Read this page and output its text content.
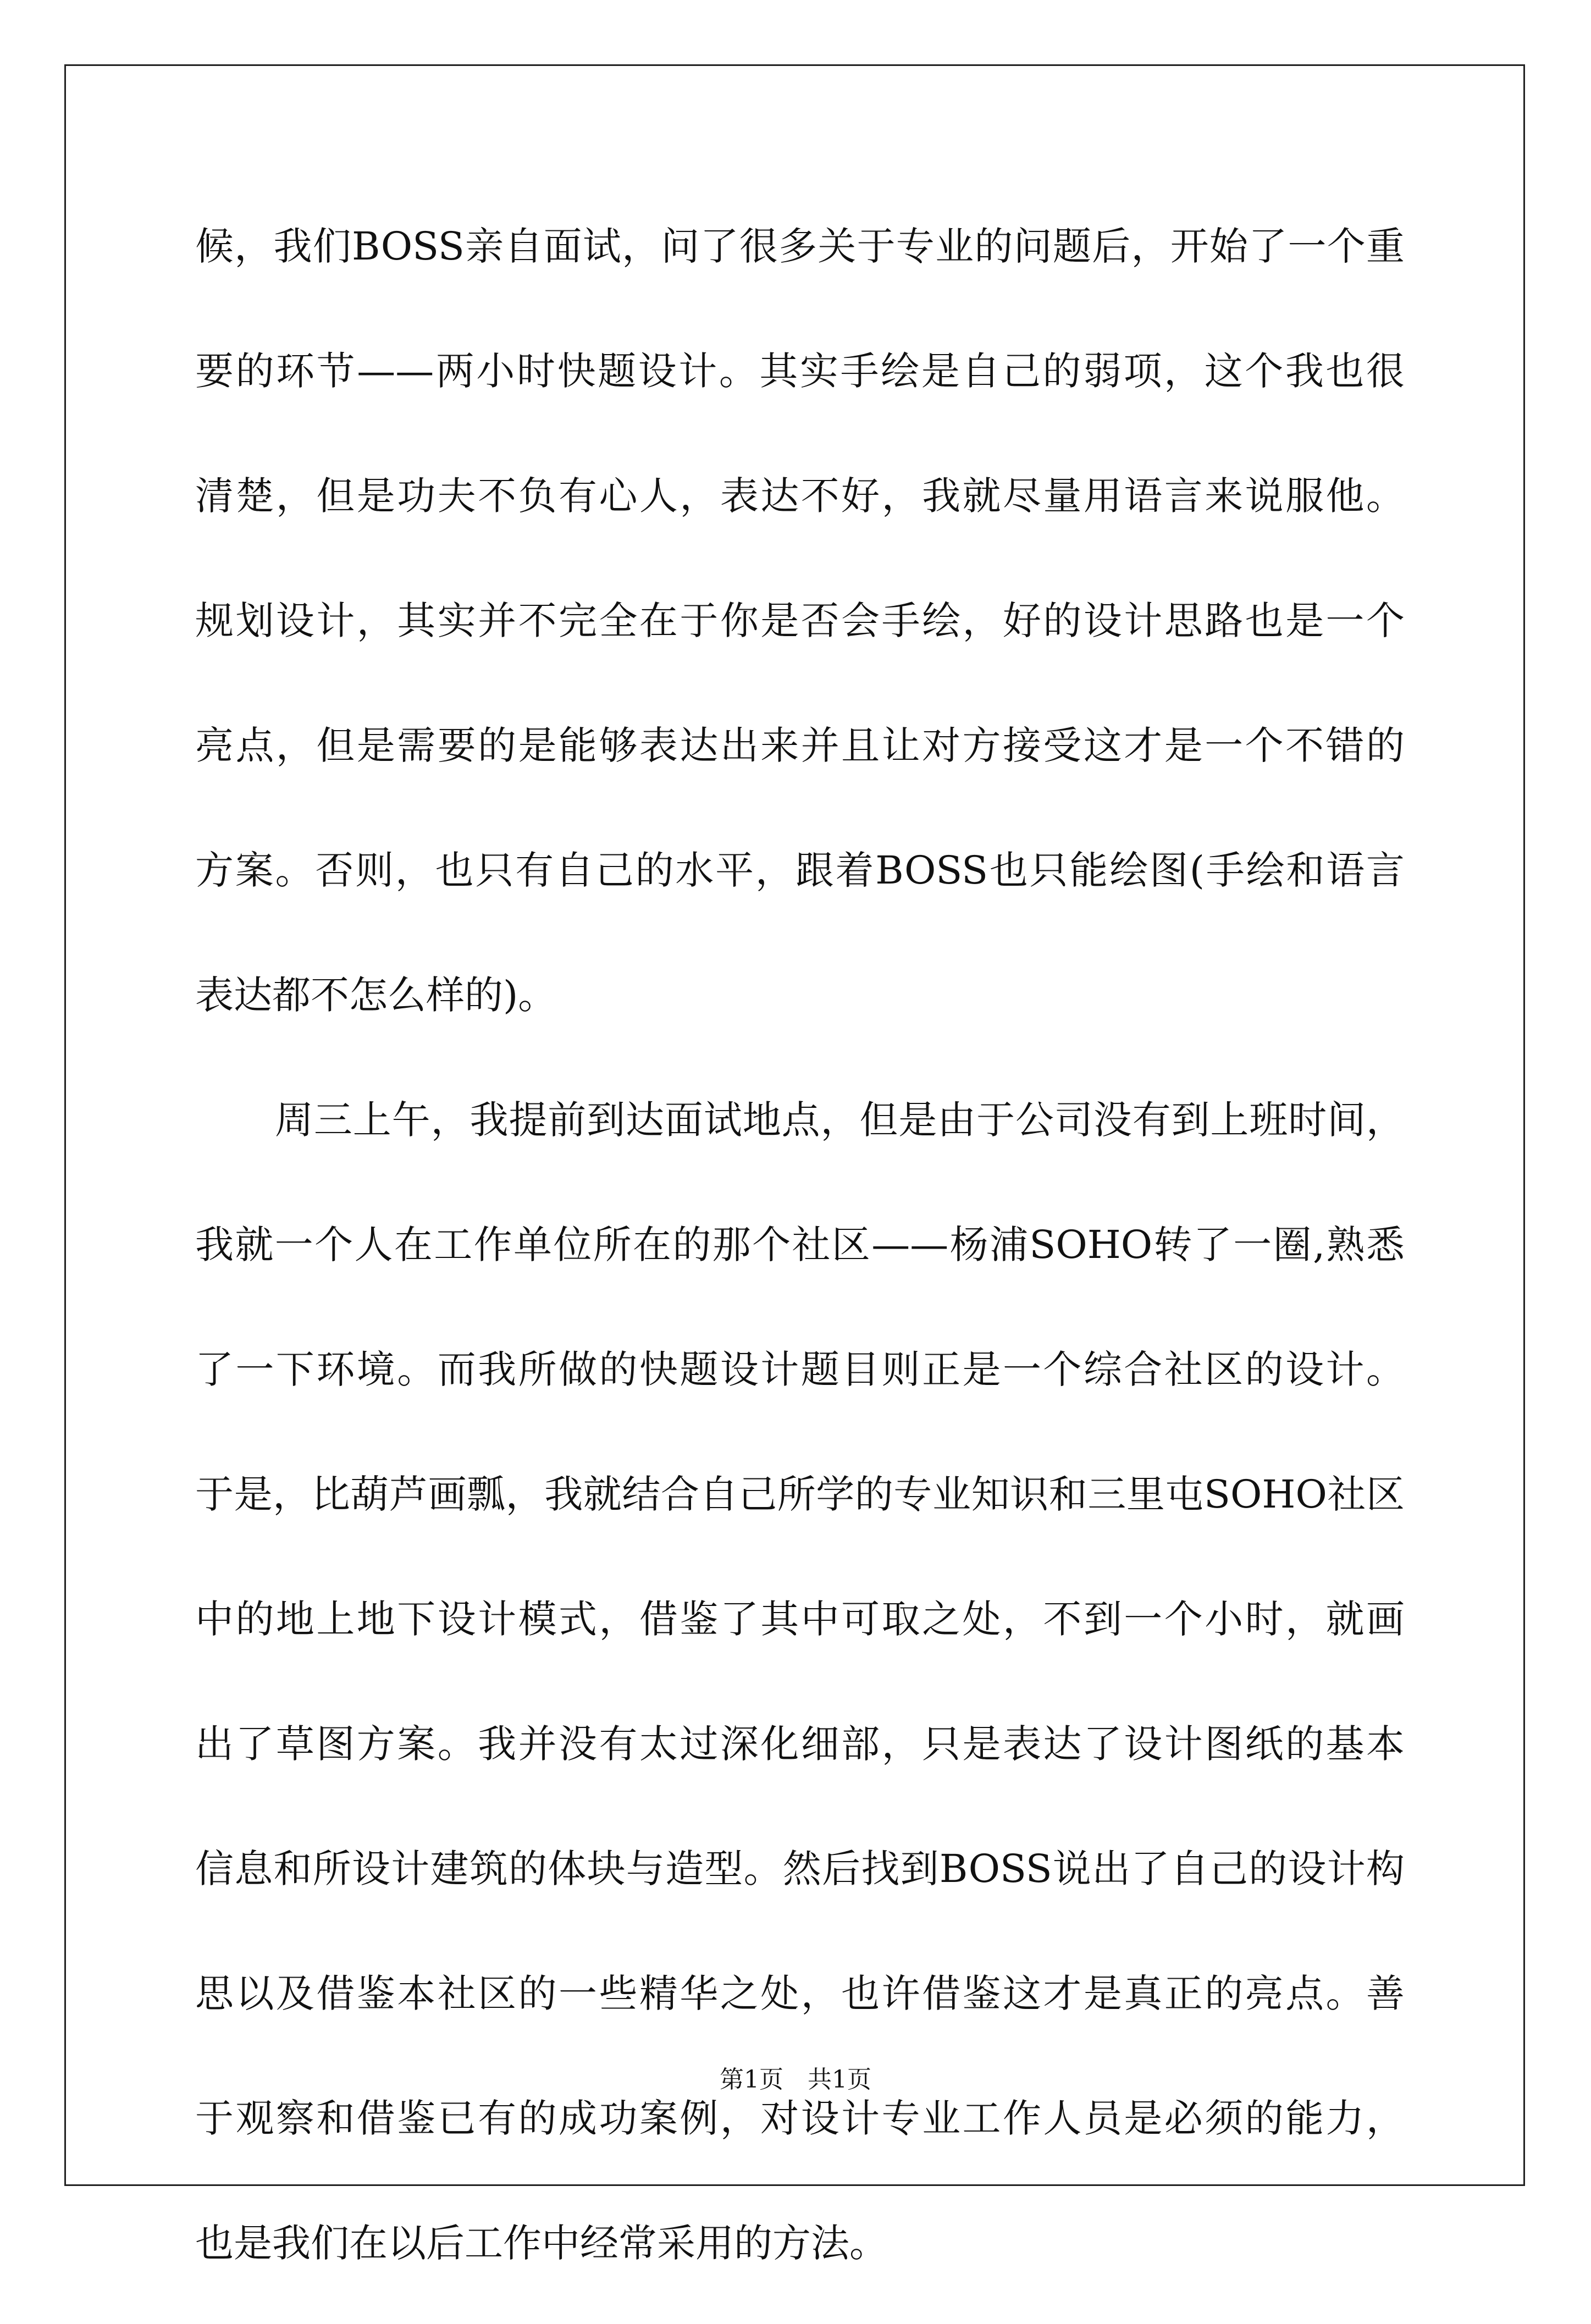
候，我们BOSS亲自面试，问了很多关于专业的问题后，开始了一个重
要的环节——两小时快题设计。其实手绘是自己的弱项，这个我也很
清楚，但是功夫不负有心人，表达不好，我就尽量用语言来说服他。
规划设计，其实并不完全在于你是否会手绘，好的设计思路也是一个
亮点，但是需要的是能够表达出来并且让对方接受这才是一个不错的
方案。否则，也只有自己的水平，跟着BOSS也只能绘图(手绘和语言
表达都不怎么样的)。
周三上午，我提前到达面试地点，但是由于公司没有到上班时间，
我就一个人在工作单位所在的那个社区——杨浦SOHO转了一圈,熟悉
了一下环境。而我所做的快题设计题目则正是一个综合社区的设计。
于是，比葫芦画瓢，我就结合自己所学的专业知识和三里屯SOHO社区
中的地上地下设计模式，借鉴了其中可取之处，不到一个小时，就画
出了草图方案。我并没有太过深化细部，只是表达了设计图纸的基本
信息和所设计建筑的体块与造型。然后找到BOSS说出了自己的设计构
思以及借鉴本社区的一些精华之处，也许借鉴这才是真正的亮点。善
于观察和借鉴已有的成功案例，对设计专业工作人员是必须的能力，
也是我们在以后工作中经常采用的方法。
第1页　共1页
